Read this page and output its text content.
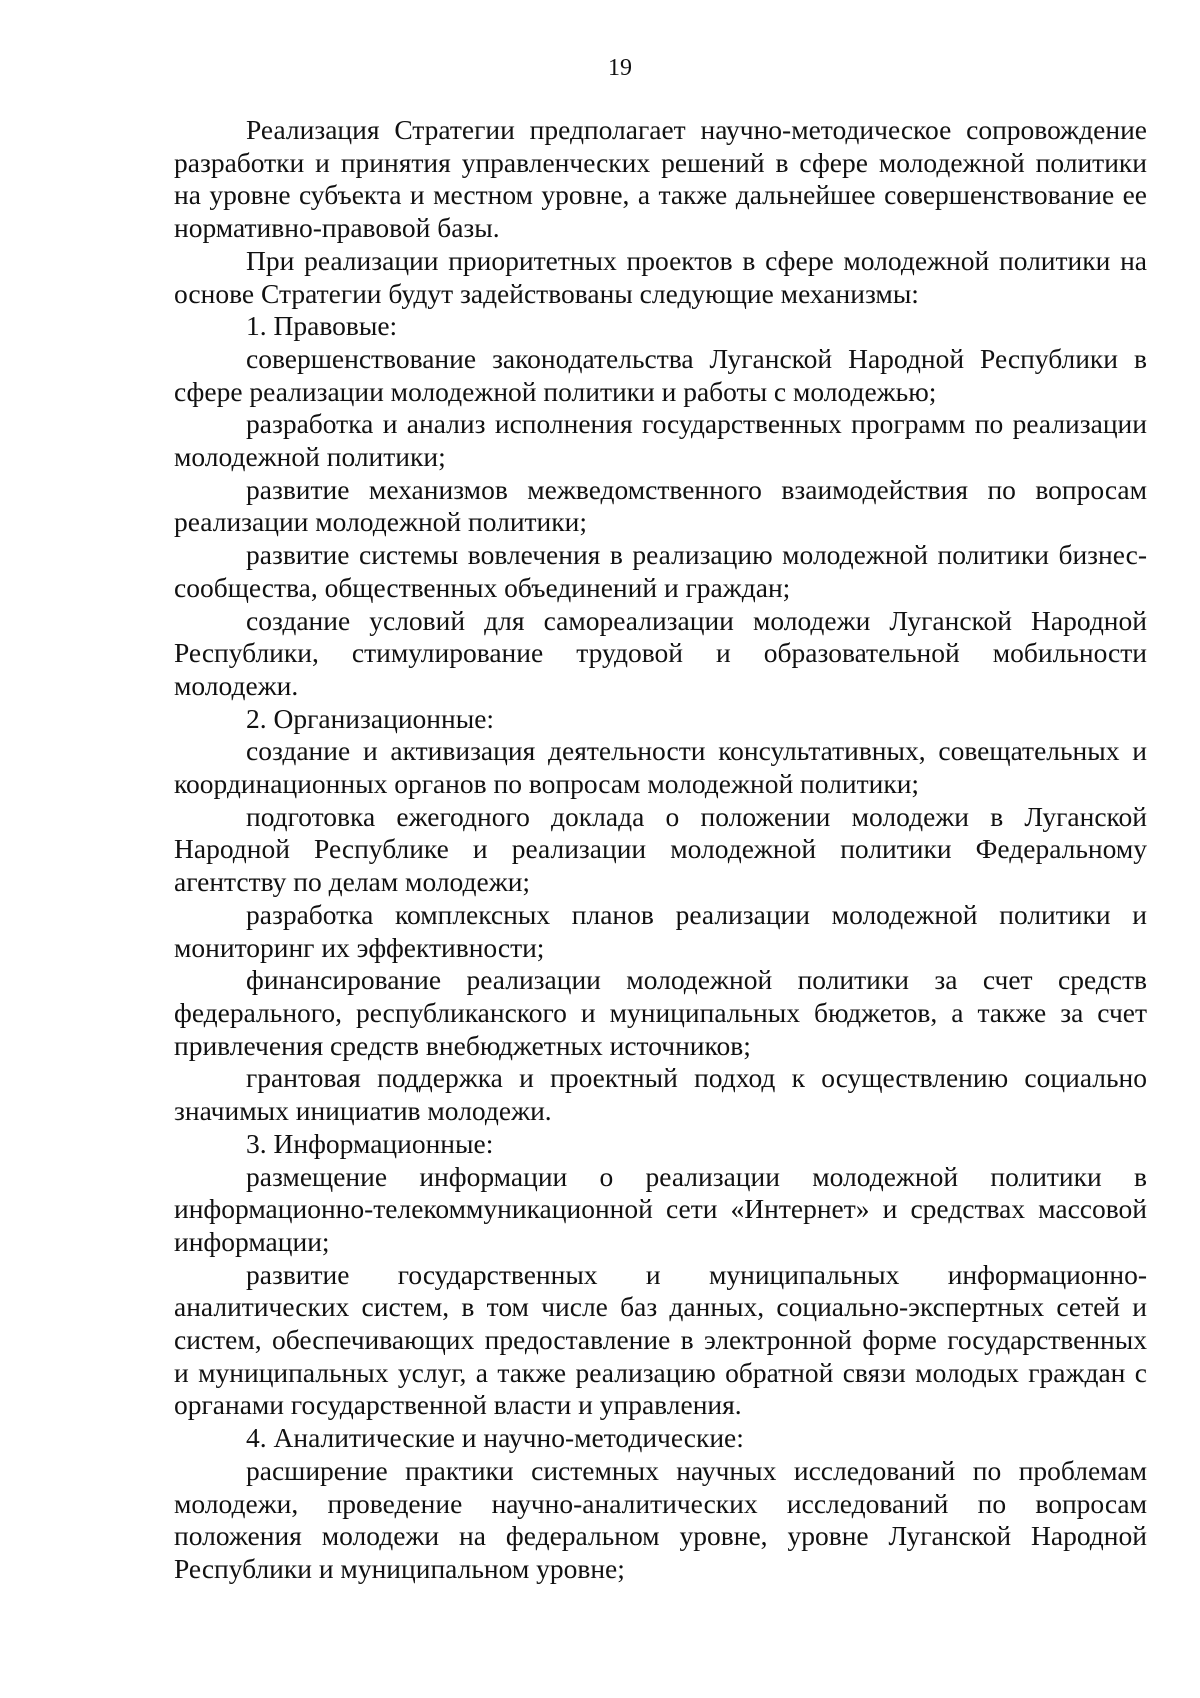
19

Реализация Стратегии предполагает научно-методическое сопровождение разработки и принятия управленческих решений в сфере молодежной политики на уровне субъекта и местном уровне, а также дальнейшее совершенствование ее нормативно-правовой базы.

При реализации приоритетных проектов в сфере молодежной политики на основе Стратегии будут задействованы следующие механизмы:

1. Правовые:

совершенствование законодательства Луганской Народной Республики в сфере реализации молодежной политики и работы с молодежью;

разработка и анализ исполнения государственных программ по реализации молодежной политики;

развитие механизмов межведомственного взаимодействия по вопросам реализации молодежной политики;

развитие системы вовлечения в реализацию молодежной политики бизнес-сообщества, общественных объединений и граждан;

создание условий для самореализации молодежи Луганской Народной Республики, стимулирование трудовой и образовательной мобильности молодежи.

2. Организационные:

создание и активизация деятельности консультативных, совещательных и координационных органов по вопросам молодежной политики;

подготовка ежегодного доклада о положении молодежи в Луганской Народной Республике и реализации молодежной политики Федеральному агентству по делам молодежи;

разработка комплексных планов реализации молодежной политики и мониторинг их эффективности;

финансирование реализации молодежной политики за счет средств федерального, республиканского и муниципальных бюджетов, а также за счет привлечения средств внебюджетных источников;

грантовая поддержка и проектный подход к осуществлению социально значимых инициатив молодежи.

3. Информационные:

размещение информации о реализации молодежной политики в информационно-телекоммуникационной сети «Интернет» и средствах массовой информации;

развитие государственных и муниципальных информационно-аналитических систем, в том числе баз данных, социально-экспертных сетей и систем, обеспечивающих предоставление в электронной форме государственных и муниципальных услуг, а также реализацию обратной связи молодых граждан с органами государственной власти и управления.

4. Аналитические и научно-методические:

расширение практики системных научных исследований по проблемам молодежи, проведение научно-аналитических исследований по вопросам положения молодежи на федеральном уровне, уровне Луганской Народной Республики и муниципальном уровне;
